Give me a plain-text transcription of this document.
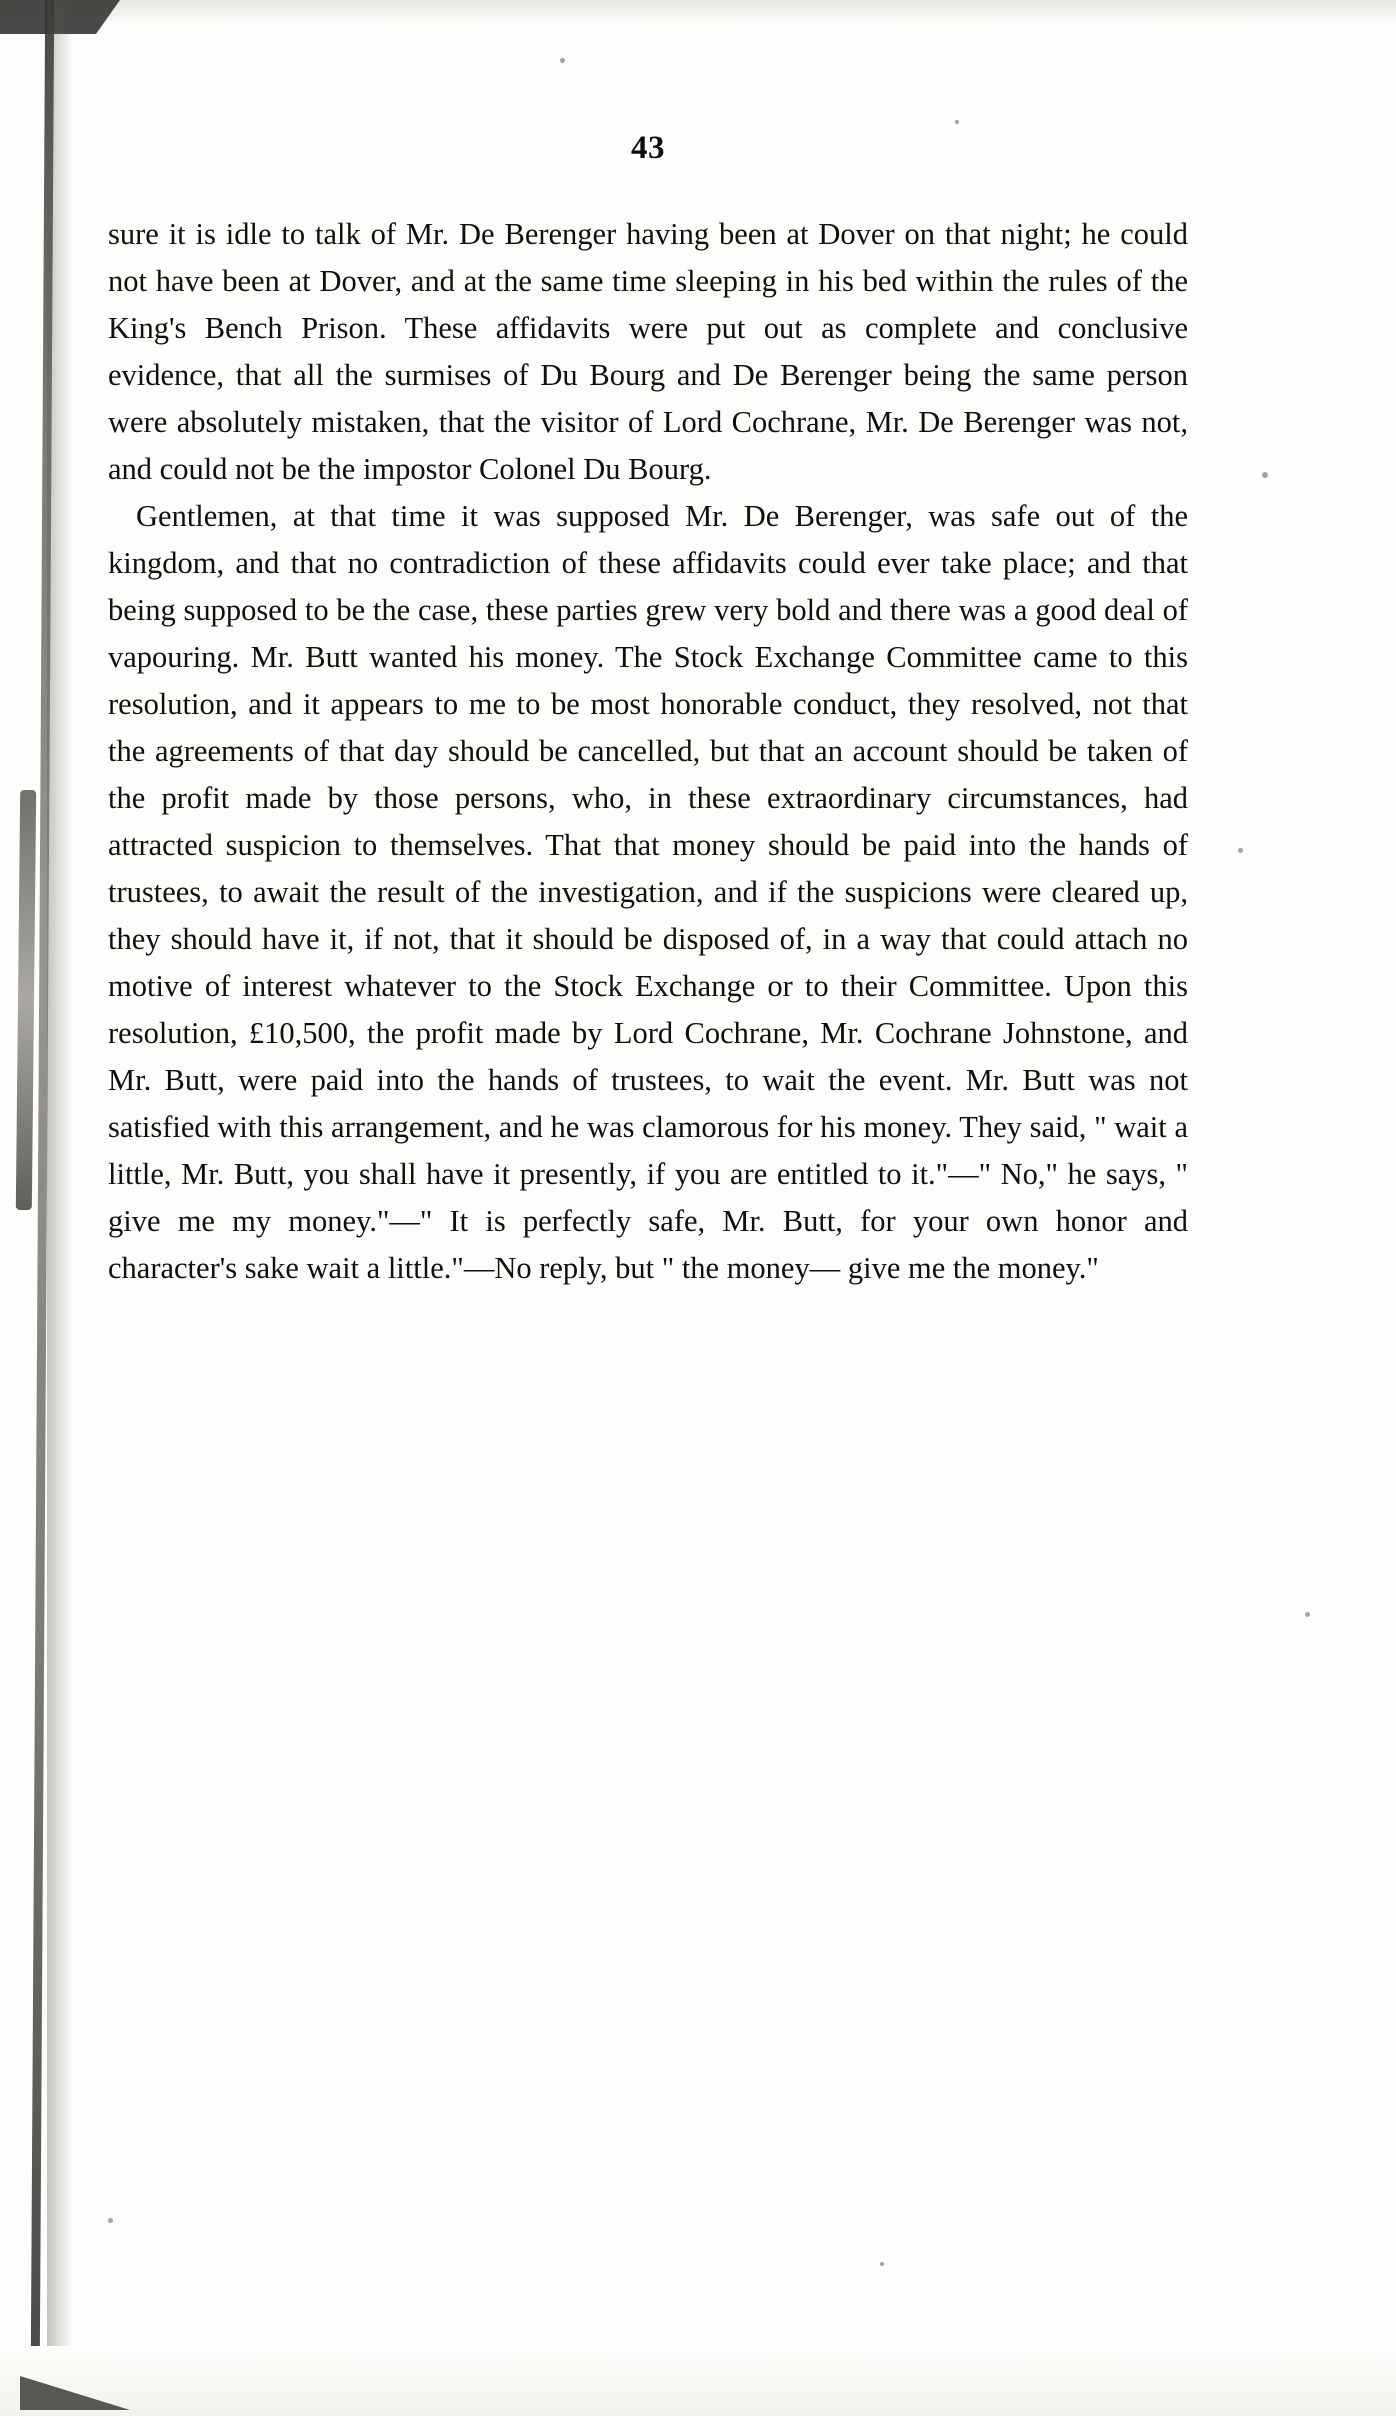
43

sure it is idle to talk of Mr. De Berenger having been at Dover on that night; he could not have been at Dover, and at the same time sleeping in his bed within the rules of the King's Bench Prison. These affidavits were put out as complete and conclusive evidence, that all the surmises of Du Bourg and De Berenger being the same person were absolutely mistaken, that the visitor of Lord Cochrane, Mr. De Berenger was not, and could not be the impostor Colonel Du Bourg.

Gentlemen, at that time it was supposed Mr. De Berenger, was safe out of the kingdom, and that no contradiction of these affidavits could ever take place; and that being supposed to be the case, these parties grew very bold and there was a good deal of vapouring. Mr. Butt wanted his money. The Stock Exchange Committee came to this resolution, and it appears to me to be most honorable conduct, they resolved, not that the agreements of that day should be cancelled, but that an account should be taken of the profit made by those persons, who, in these extraordinary circumstances, had attracted suspicion to themselves. That that money should be paid into the hands of trustees, to await the result of the investigation, and if the suspicions were cleared up, they should have it, if not, that it should be disposed of, in a way that could attach no motive of interest whatever to the Stock Exchange or to their Committee. Upon this resolution, £10,500, the profit made by Lord Cochrane, Mr. Cochrane Johnstone, and Mr. Butt, were paid into the hands of trustees, to wait the event. Mr. Butt was not satisfied with this arrangement, and he was clamorous for his money. They said, " wait a little, Mr. Butt, you shall have it presently, if you are entitled to it."—" No," he says, " give me my money."—" It is perfectly safe, Mr. Butt, for your own honor and character's sake wait a little."—No reply, but " the money— give me the money."
